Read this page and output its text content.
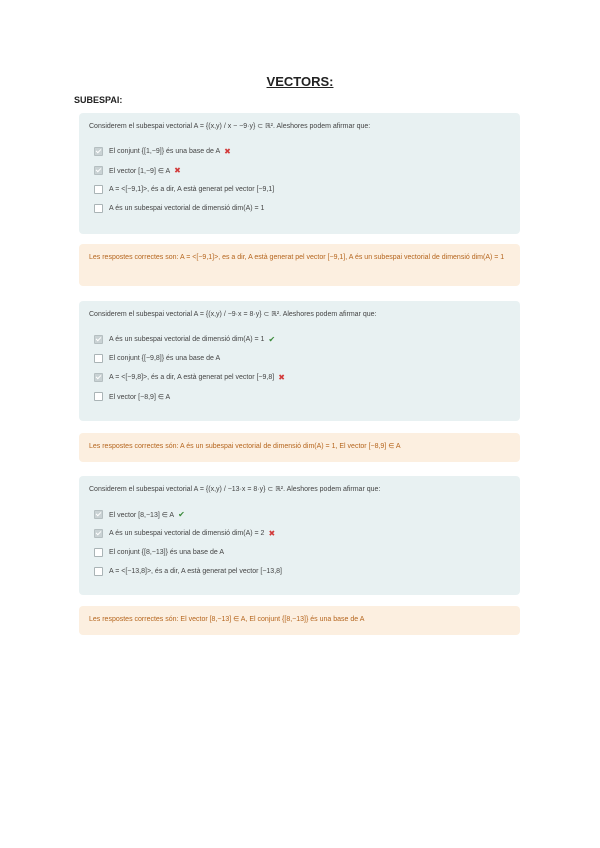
VECTORS:
SUBESPAI:
Considerem el subespai vectorial A = {(x,y) / x − −9·y} ⊂ ℝ². Aleshores podem afirmar que:
El conjunt {[1,−9]} és una base de A ✖
El vector [1,−9] ∈ A ✖
A = <[−9,1]>, és a dir, A està generat pel vector [−9,1]
A és un subespai vectorial de dimensió dim(A) = 1
Les respostes correctes son: A = <[−9,1]>, es a dir, A està generat pel vector [−9,1], A és un subespai vectorial de dimensió dim(A) = 1
Considerem el subespai vectorial A = {(x,y) / −9·x = 8·y} ⊂ ℝ². Aleshores podem afirmar que:
A és un subespai vectorial de dimensió dim(A) = 1 ✔
El conjunt {[−9,8]} és una base de A
A = <[−9,8]>, és a dir, A està generat pel vector [−9,8] ✖
El vector [−8,9] ∈ A
Les respostes correctes són: A és un subespai vectorial de dimensió dim(A) = 1, El vector [−8,9] ∈ A
Considerem el subespai vectorial A = {(x,y) / −13·x = 8·y} ⊂ ℝ². Aleshores podem afirmar que:
El vector [8,−13] ∈ A ✔
A és un subespai vectorial de dimensió dim(A) = 2 ✖
El conjunt {[8,−13]} és una base de A
A = <[−13,8]>, és a dir, A està generat pel vector [−13,8]
Les respostes correctes són: El vector [8,−13] ∈ A, El conjunt {[8,−13]} és una base de A
